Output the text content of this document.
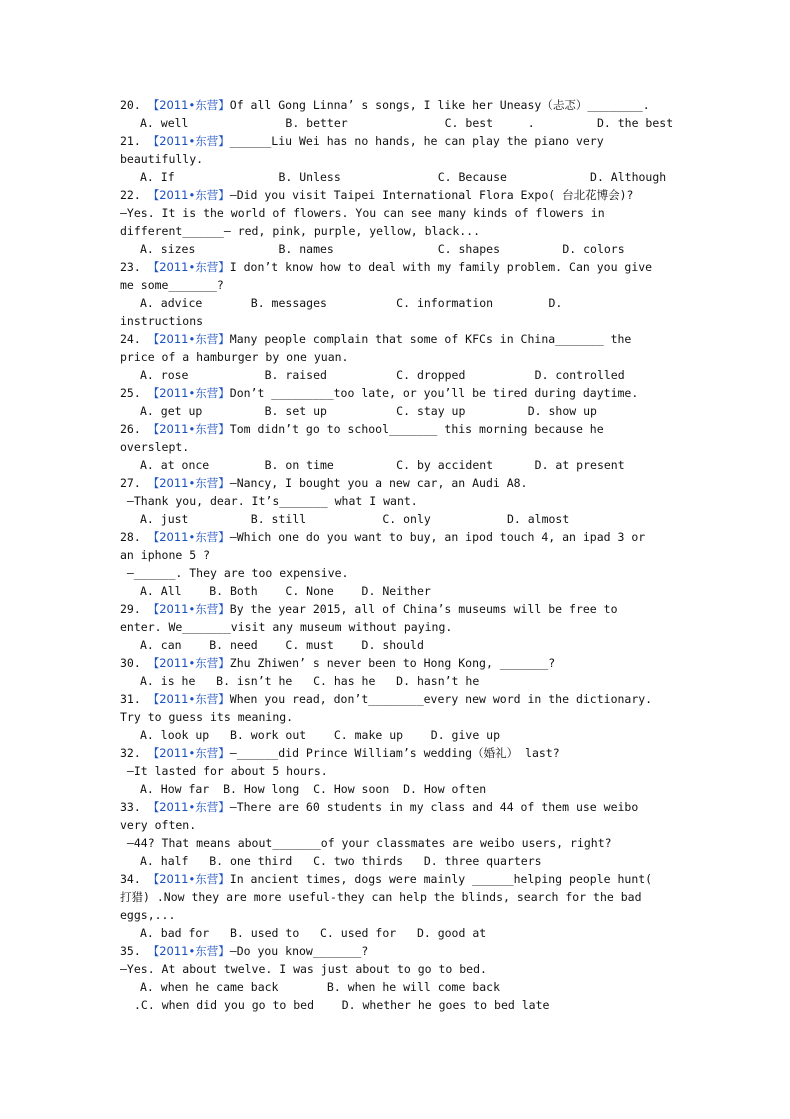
20. 【2011•东营】Of all Gong Linna’ s songs, I like her Uneasy（忐忑）________.
A. well              B. better              C. best     .         D. the best
21. 【2011•东营】______Liu Wei has no hands, he can play the piano very
beautifully.
A. If               B. Unless              C. Because            D. Although
22. 【2011•东营】—Did you visit Taipei International Flora Expo( 台北花博会)?
—Yes. It is the world of flowers. You can see many kinds of flowers in
different______— red, pink, purple, yellow, black...
A. sizes            B. names               C. shapes         D. colors
23. 【2011•东营】I don’t know how to deal with my family problem. Can you give
me some_______?
A. advice       B. messages          C. information        D.
instructions
24. 【2011•东营】Many people complain that some of KFCs in China_______ the
price of a hamburger by one yuan.
A. rose           B. raised          C. dropped          D. controlled
25. 【2011•东营】Don’t _________too late, or you’ll be tired during daytime.
A. get up         B. set up          C. stay up         D. show up
26. 【2011•东营】Tom didn’t go to school_______ this morning because he
overslept.
A. at once        B. on time         C. by accident      D. at present
27. 【2011•东营】—Nancy, I bought you a new car, an Audi A8.
—Thank you, dear. It’s_______ what I want.
A. just         B. still           C. only           D. almost
28. 【2011•东营】—Which one do you want to buy, an ipod touch 4, an ipad 3 or
an iphone 5 ?
—______. They are too expensive.
A. All    B. Both    C. None    D. Neither
29. 【2011•东营】By the year 2015, all of China’s museums will be free to
enter. We_______visit any museum without paying.
A. can    B. need    C. must    D. should
30. 【2011•东营】Zhu Zhiwen’ s never been to Hong Kong, _______?
A. is he   B. isn’t he   C. has he   D. hasn’t he
31. 【2011•东营】When you read, don’t________every new word in the dictionary.
Try to guess its meaning.
A. look up   B. work out    C. make up    D. give up
32. 【2011•东营】—______did Prince William’s wedding（婚礼） last?
—It lasted for about 5 hours.
A. How far  B. How long  C. How soon  D. How often
33. 【2011•东营】—There are 60 students in my class and 44 of them use weibo
very often.
—44? That means about_______of your classmates are weibo users, right?
A. half   B. one third   C. two thirds   D. three quarters
34. 【2011•东营】In ancient times, dogs were mainly ______helping people hunt(
打猎) .Now they are more useful-they can help the blinds, search for the bad
eggs,...
A. bad for   B. used to   C. used for   D. good at
35. 【2011•东营】—Do you know_______?
—Yes. At about twelve. I was just about to go to bed.
A. when he came back       B. when he will come back
.C. when did you go to bed    D. whether he goes to bed late
